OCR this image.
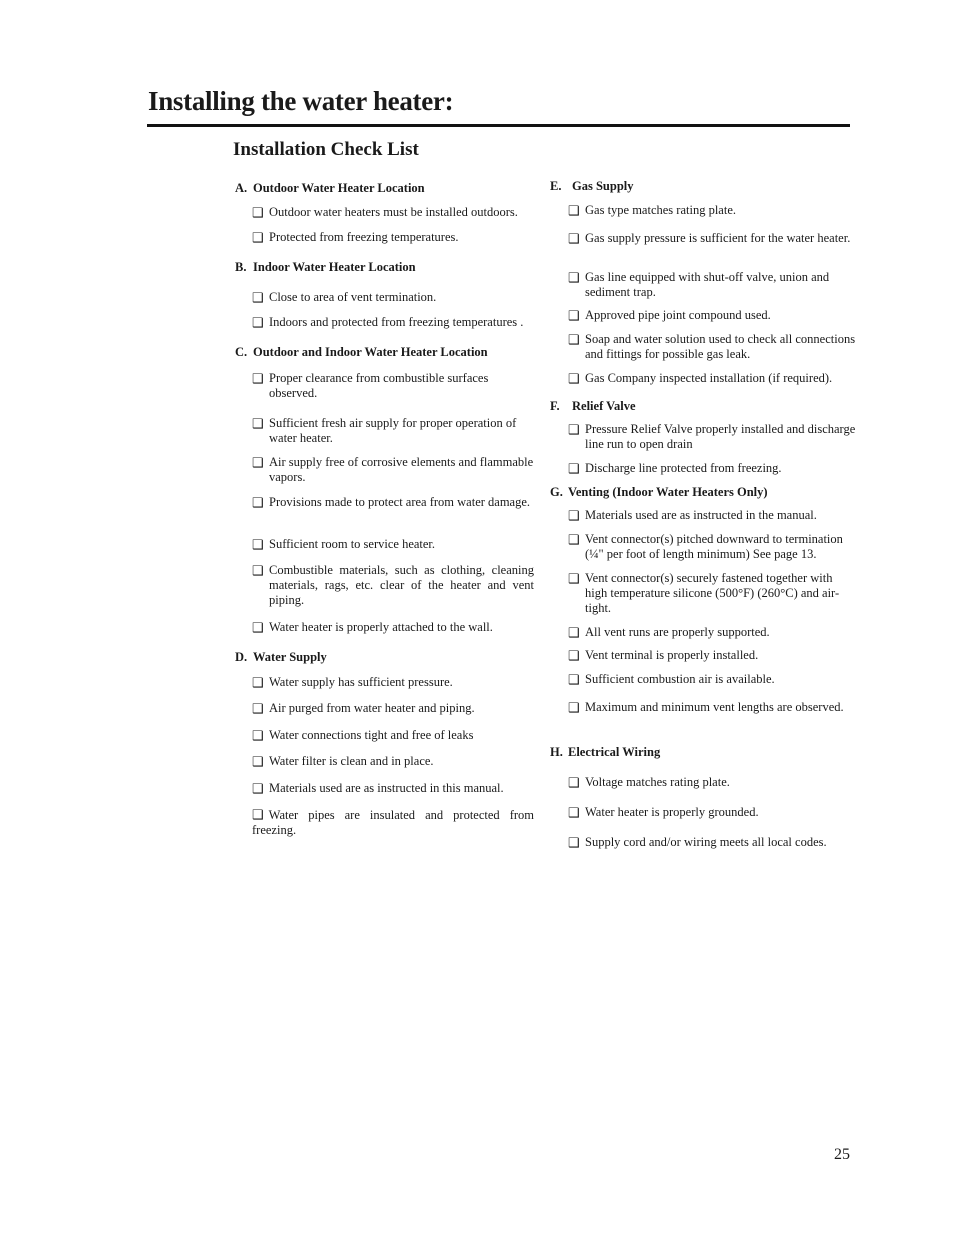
Installing the water heater:
Installation Check List
A. Outdoor Water Heater Location
❑ Outdoor water heaters must be installed outdoors.
❑ Protected from freezing temperatures.
B. Indoor Water Heater Location
❑ Close to area of vent termination.
❑ Indoors and protected from freezing temperatures .
C. Outdoor and Indoor Water Heater Location
❑ Proper clearance from combustible surfaces observed.
❑ Sufficient fresh air supply for proper operation of water heater.
❑ Air supply free of corrosive elements and flammable vapors.
❑ Provisions made to protect area from water damage.
❑ Sufficient room to service heater.
❑ Combustible materials, such as clothing, cleaning materials, rags, etc. clear of the heater and vent piping.
❑ Water heater is properly attached to the wall.
D. Water Supply
❑ Water supply has sufficient pressure.
❑ Air purged from water heater and piping.
❑ Water connections tight and free of leaks
❑ Water filter is clean and in place.
❑ Materials used are as instructed in this manual.
❑ Water pipes are insulated and protected from freezing.
E. Gas Supply
❑ Gas type matches rating plate.
❑ Gas supply pressure is sufficient for the water heater.
❑ Gas line equipped with shut-off valve, union and sediment trap.
❑ Approved pipe joint compound used.
❑ Soap and water solution used to check all connections and fittings for possible gas leak.
❑ Gas Company inspected installation (if required).
F. Relief Valve
❑ Pressure Relief Valve properly installed and discharge line run to open drain
❑ Discharge line protected from freezing.
G. Venting (Indoor Water Heaters Only)
❑ Materials used are as instructed in the manual.
❑ Vent connector(s) pitched downward to termination (¼" per foot of length minimum) See page 13.
❑ Vent connector(s) securely fastened together with high temperature silicone (500°F) (260°C) and air-tight.
❑ All vent runs are properly supported.
❑ Vent terminal is properly installed.
❑ Sufficient combustion air is available.
❑ Maximum and minimum vent lengths are observed.
H. Electrical Wiring
❑ Voltage matches rating plate.
❑ Water heater is properly grounded.
❑ Supply cord and/or wiring meets all local codes.
25
